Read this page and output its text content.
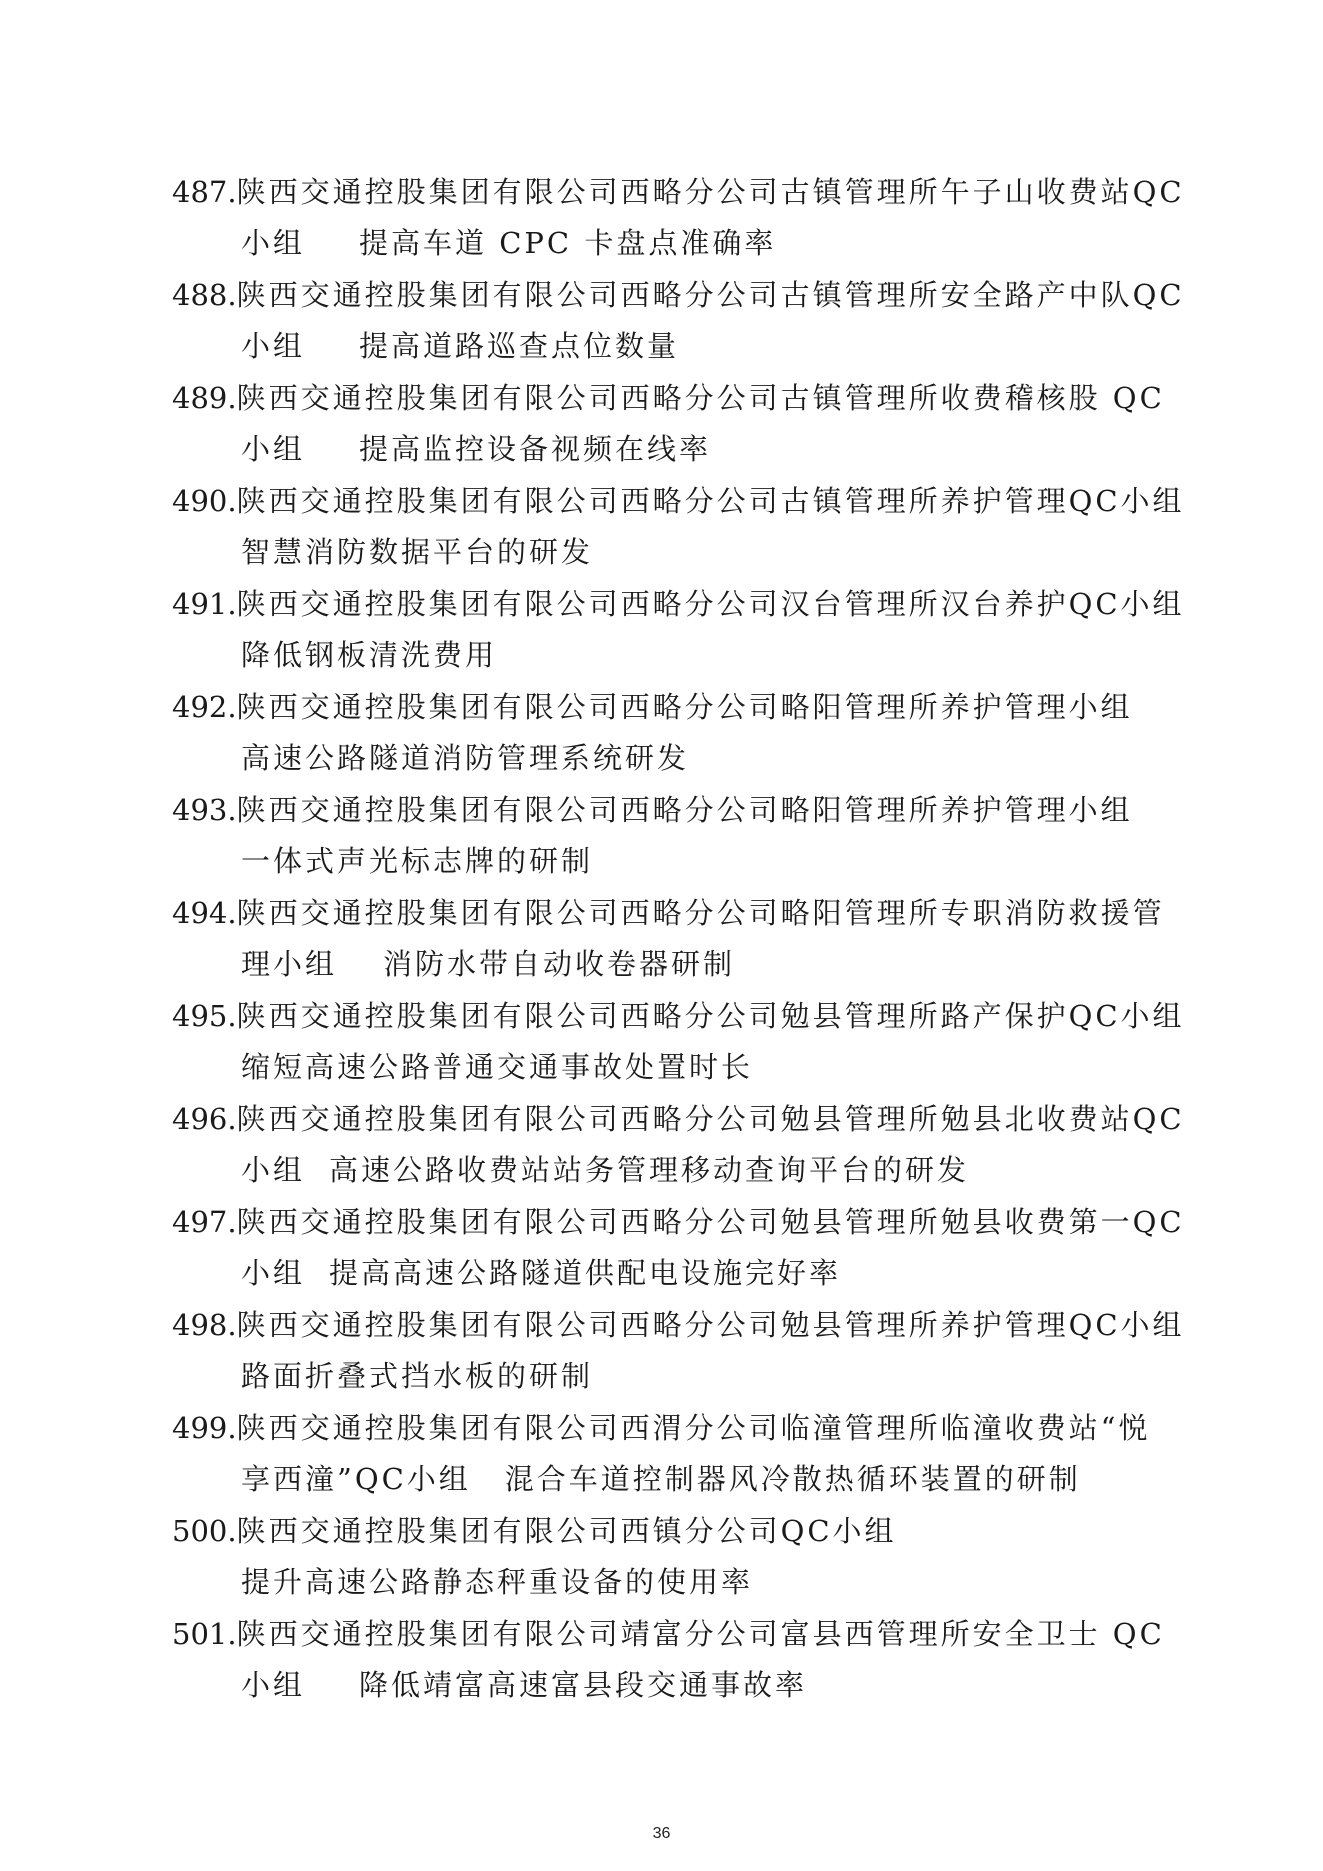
487.陕西交通控股集团有限公司西略分公司古镇管理所午子山收费站QC
小组 提高车道 CPC 卡盘点准确率
488.陕西交通控股集团有限公司西略分公司古镇管理所安全路产中队QC
小组 提高道路巡查点位数量
489.陕西交通控股集团有限公司西略分公司古镇管理所收费稽核股 QC
小组 提高监控设备视频在线率
490.陕西交通控股集团有限公司西略分公司古镇管理所养护管理QC小组
智慧消防数据平台的研发
491.陕西交通控股集团有限公司西略分公司汉台管理所汉台养护QC小组
降低钢板清洗费用
492.陕西交通控股集团有限公司西略分公司略阳管理所养护管理小组
高速公路隧道消防管理系统研发
493.陕西交通控股集团有限公司西略分公司略阳管理所养护管理小组
一体式声光标志牌的研制
494.陕西交通控股集团有限公司西略分公司略阳管理所专职消防救援管
理小组 消防水带自动收卷器研制
495.陕西交通控股集团有限公司西略分公司勉县管理所路产保护QC小组
缩短高速公路普通交通事故处置时长
496.陕西交通控股集团有限公司西略分公司勉县管理所勉县北收费站QC
小组 高速公路收费站站务管理移动查询平台的研发
497.陕西交通控股集团有限公司西略分公司勉县管理所勉县收费第一QC
小组 提高高速公路隧道供配电设施完好率
498.陕西交通控股集团有限公司西略分公司勉县管理所养护管理QC小组
路面折叠式挡水板的研制
499.陕西交通控股集团有限公司西渭分公司临潼管理所临潼收费站“悦
享西潼”QC小组 混合车道控制器风冷散热循环装置的研制
500.陕西交通控股集团有限公司西镇分公司QC小组
提升高速公路静态秤重设备的使用率
501.陕西交通控股集团有限公司靖富分公司富县西管理所安全卫士 QC
小组 降低靖富高速富县段交通事故率
36
